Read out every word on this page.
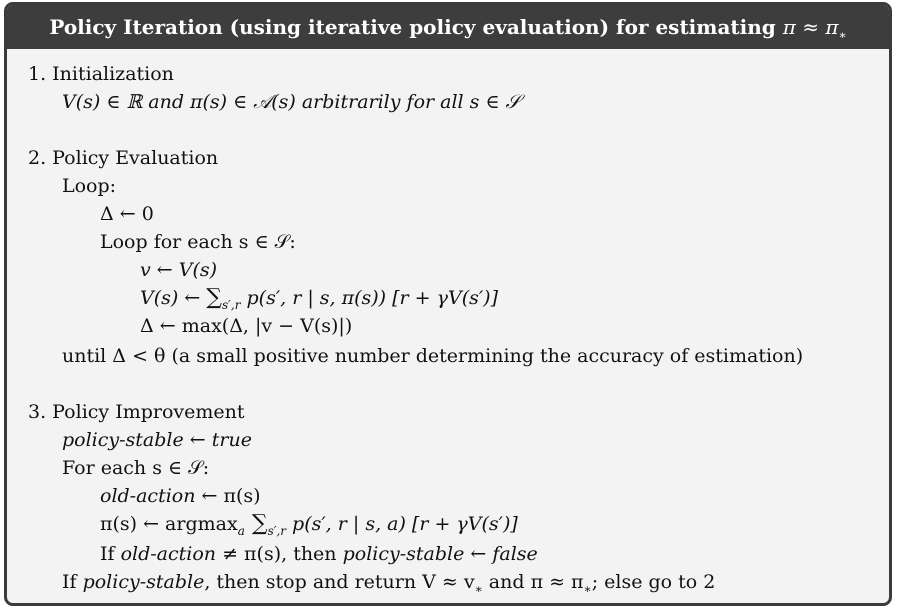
Policy Iteration (using iterative policy evaluation) for estimating $\pi \approx \pi_∗$
1. Initialization
V(s) ∈ ℝ and π(s) ∈ 𝒜(s) arbitrarily for all s ∈ 𝒮
2. Policy Evaluation
Loop:
Δ ← 0
Loop for each s ∈ 𝒮:
v ← V(s)
V(s) ← $\sum_{s',r}$ p(s′, r | s, π(s)) [r + γV(s′)]
Δ ← max(Δ, |v − V(s)|)
until Δ < θ (a small positive number determining the accuracy of estimation)
3. Policy Improvement
policy-stable ← true
For each s ∈ 𝒮:
old-action ← π(s)
π(s) ← argmax$_a$ $\sum_{s',r}$ p(s′, r | s, a) [r + γV(s′)]
If old-action ≠ π(s), then policy-stable ← false
If policy-stable, then stop and return $V \approx v_∗$ and $\pi \approx \pi_∗$; else go to 2
